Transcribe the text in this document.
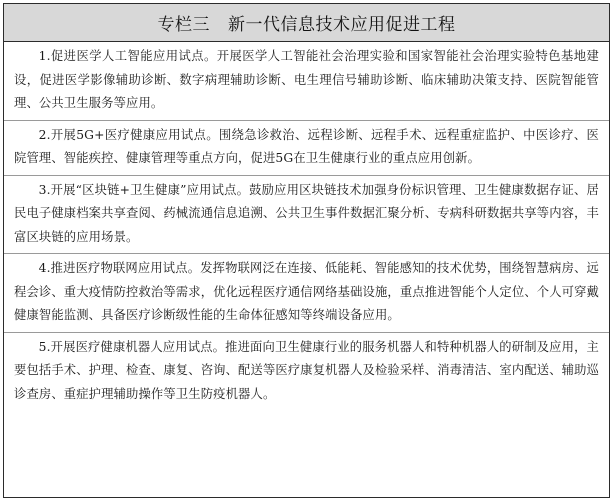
专栏三 新一代信息技术应用促进工程

1.促进医学人工智能应用试点。开展医学人工智能社会治理实验和国家智能社会治理实验特色基地建设，促进医学影像辅助诊断、数字病理辅助诊断、电生理信号辅助诊断、临床辅助决策支持、医院智能管理、公共卫生服务等应用。

2.开展5G+医疗健康应用试点。围绕急诊救治、远程诊断、远程手术、远程重症监护、中医诊疗、医院管理、智能疾控、健康管理等重点方向，促进5G在卫生健康行业的重点应用创新。

3.开展“区块链+卫生健康”应用试点。鼓励应用区块链技术加强身份标识管理、卫生健康数据存证、居民电子健康档案共享查阅、药械流通信息追溯、公共卫生事件数据汇聚分析、专病科研数据共享等内容，丰富区块链的应用场景。

4.推进医疗物联网应用试点。发挥物联网泛在连接、低能耗、智能感知的技术优势，围绕智慧病房、远程会诊、重大疫情防控救治等需求，优化远程医疗通信网络基础设施，重点推进智能个人定位、个人可穿戴健康智能监测、具备医疗诊断级性能的生命体征感知等终端设备应用。

5.开展医疗健康机器人应用试点。推进面向卫生健康行业的服务机器人和特种机器人的研制及应用，主要包括手术、护理、检查、康复、咨询、配送等医疗康复机器人及检验采样、消毒清洁、室内配送、辅助巡诊查房、重症护理辅助操作等卫生防疫机器人。
